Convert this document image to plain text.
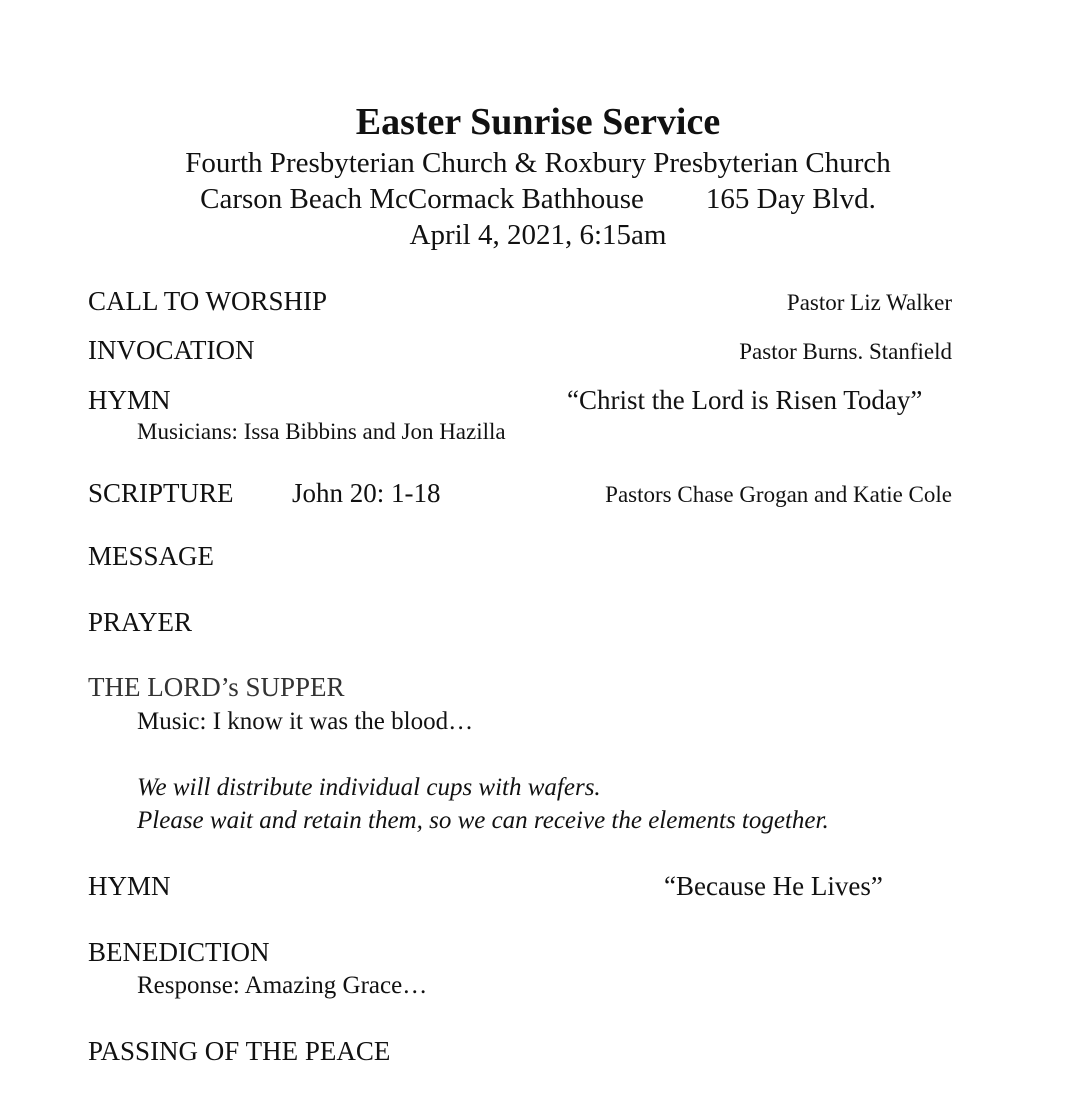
Easter Sunrise Service
Fourth Presbyterian Church & Roxbury Presbyterian Church
Carson Beach McCormack Bathhouse 165 Day Blvd.
April 4, 2021, 6:15am
CALL TO WORSHIP	Pastor Liz Walker
INVOCATION	Pastor Burns. Stanfield
HYMN	“Christ the Lord is Risen Today”
Musicians: Issa Bibbins and Jon Hazilla
SCRIPTURE John 20: 1-18	Pastors Chase Grogan and Katie Cole
MESSAGE
PRAYER
THE LORD’s SUPPER
Music: I know it was the blood…
We will distribute individual cups with wafers.
Please wait and retain them, so we can receive the elements together.
HYMN	“Because He Lives”
BENEDICTION
Response: Amazing Grace…
PASSING OF THE PEACE
